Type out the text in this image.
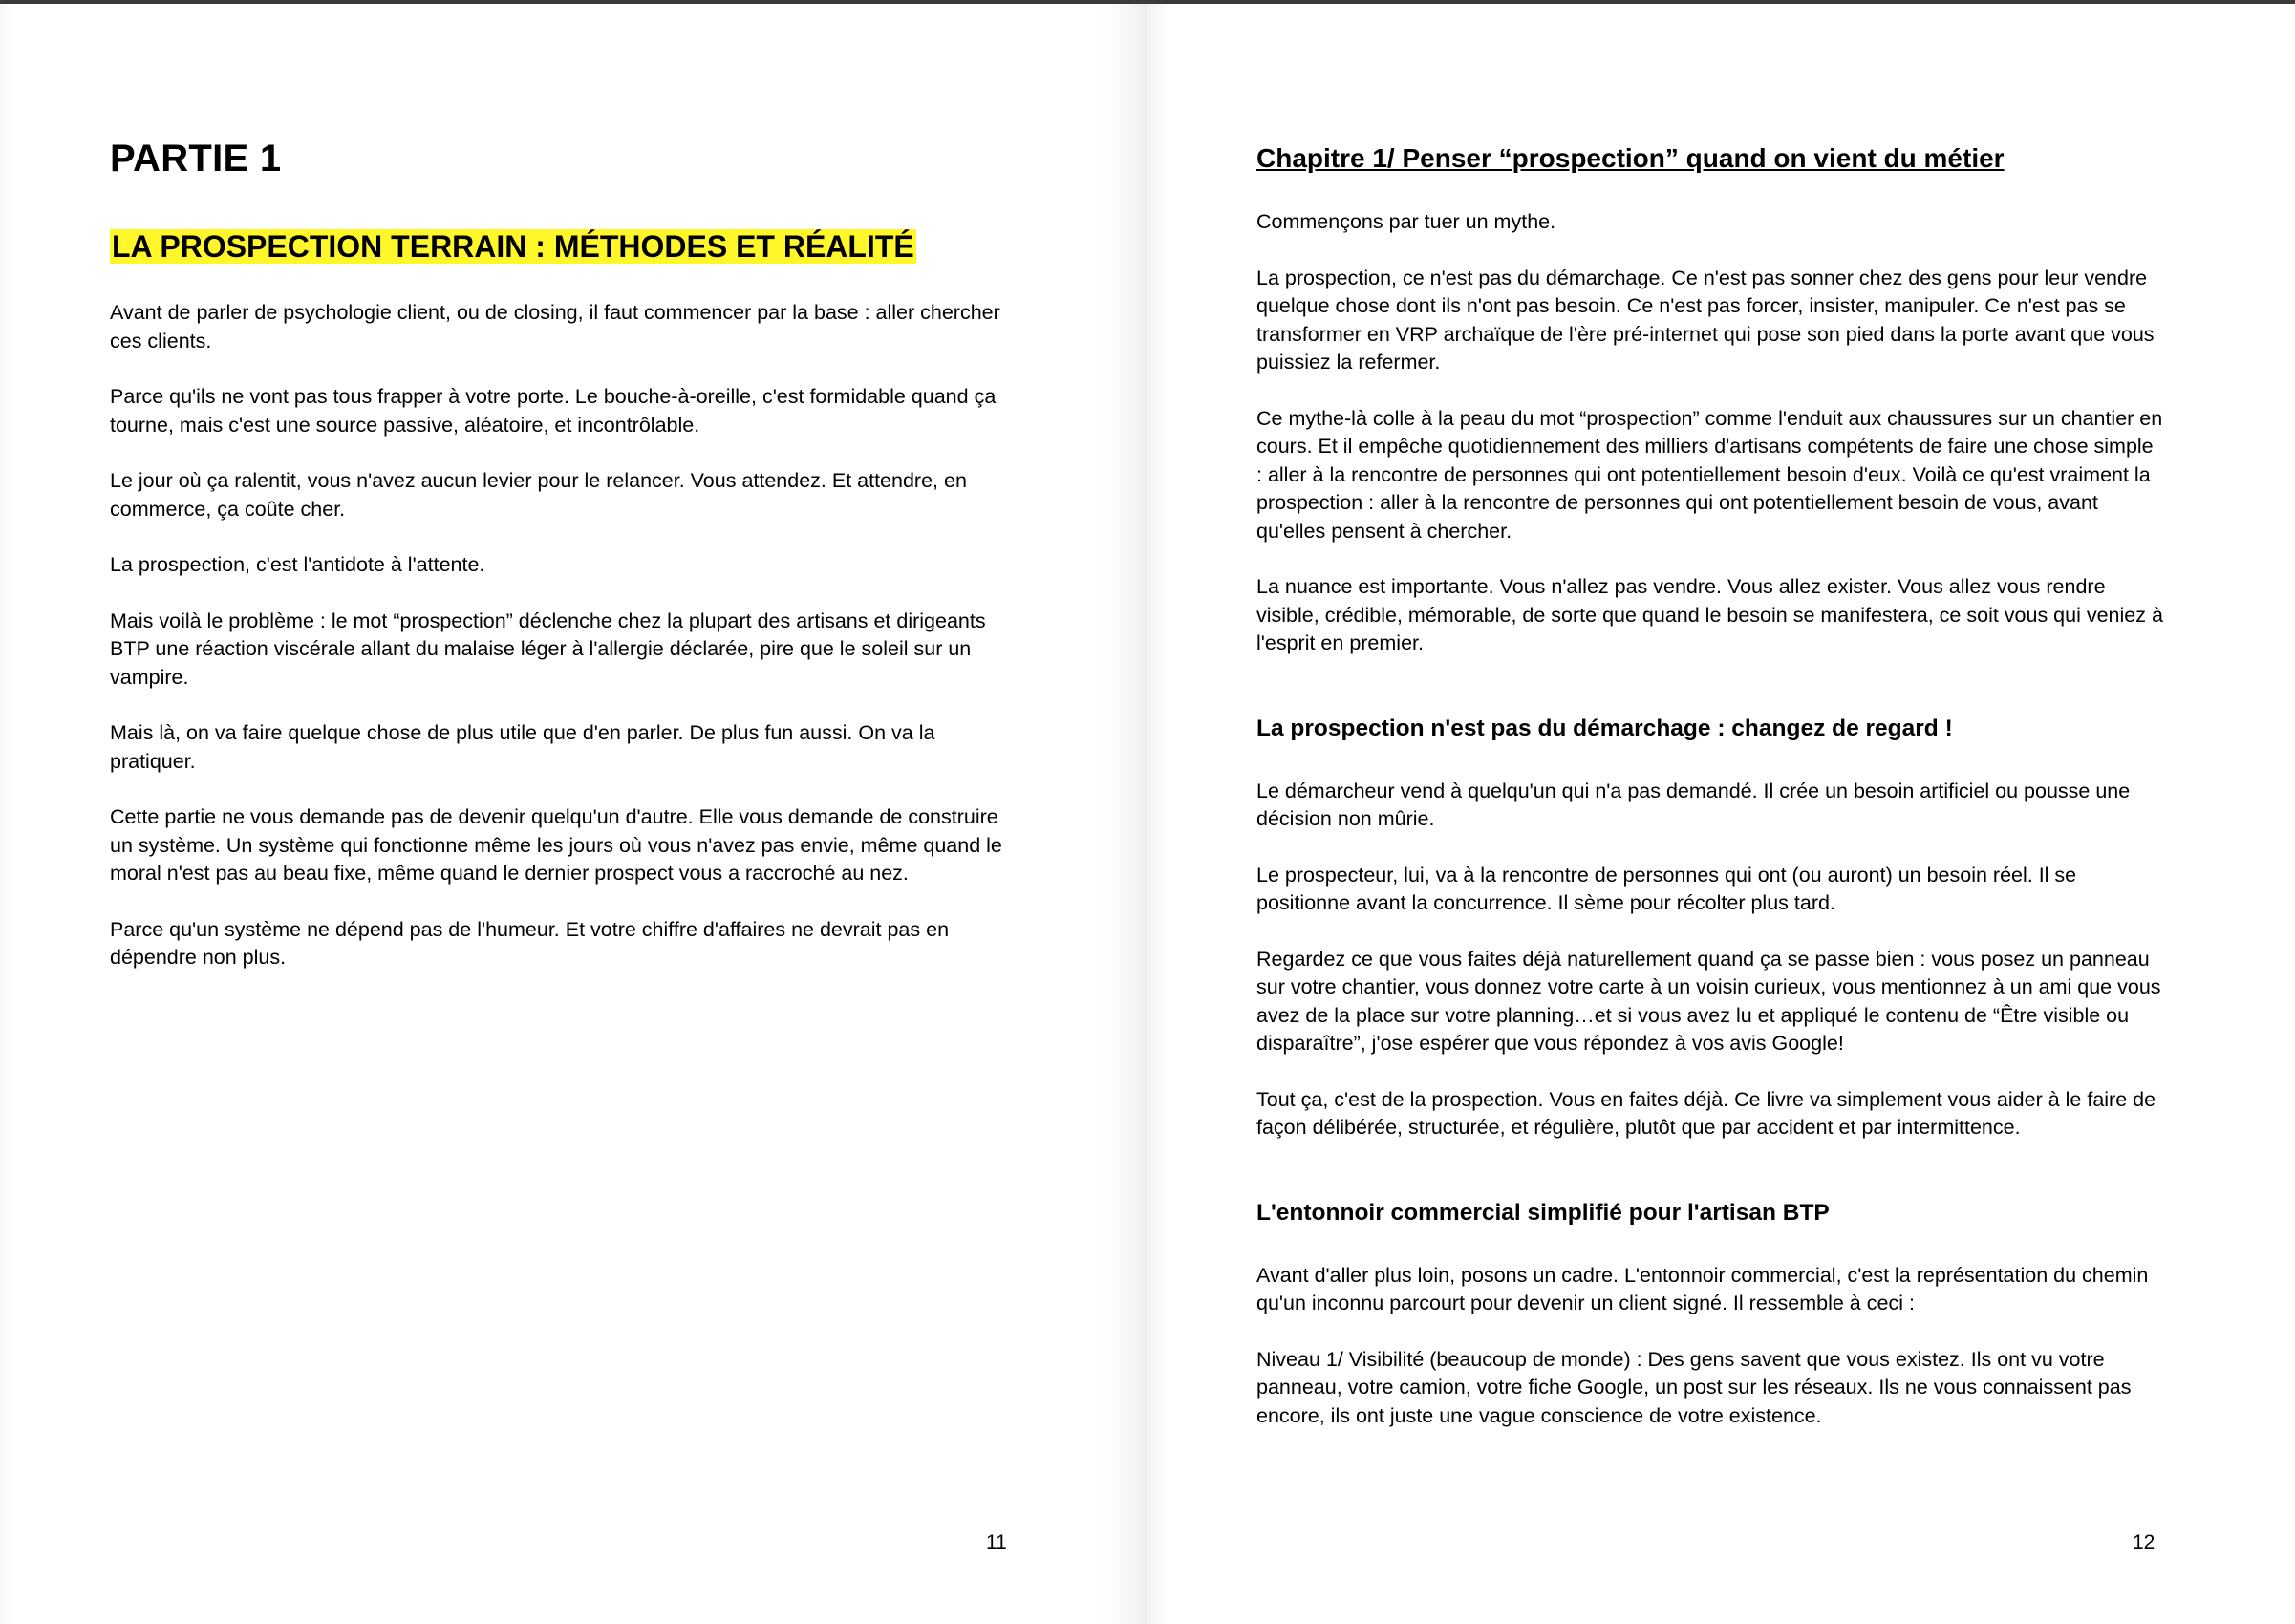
PARTIE 1
LA PROSPECTION TERRAIN : MÉTHODES ET RÉALITÉ

Avant de parler de psychologie client, ou de closing, il faut commencer par la base : aller chercher ces clients.

Parce qu'ils ne vont pas tous frapper à votre porte. Le bouche-à-oreille, c'est formidable quand ça tourne, mais c'est une source passive, aléatoire, et incontrôlable.

Le jour où ça ralentit, vous n'avez aucun levier pour le relancer. Vous attendez. Et attendre, en commerce, ça coûte cher.

La prospection, c'est l'antidote à l'attente.

Mais voilà le problème : le mot “prospection” déclenche chez la plupart des artisans et dirigeants BTP une réaction viscérale allant du malaise léger à l'allergie déclarée, pire que le soleil sur un vampire.

Mais là, on va faire quelque chose de plus utile que d'en parler. De plus fun aussi. On va la pratiquer.

Cette partie ne vous demande pas de devenir quelqu'un d'autre. Elle vous demande de construire un système. Un système qui fonctionne même les jours où vous n'avez pas envie, même quand le moral n'est pas au beau fixe, même quand le dernier prospect vous a raccroché au nez.

Parce qu'un système ne dépend pas de l'humeur. Et votre chiffre d'affaires ne devrait pas en dépendre non plus.

11
Chapitre 1/ Penser “prospection” quand on vient du métier

Commençons par tuer un mythe.

La prospection, ce n'est pas du démarchage. Ce n'est pas sonner chez des gens pour leur vendre quelque chose dont ils n'ont pas besoin. Ce n'est pas forcer, insister, manipuler. Ce n'est pas se transformer en VRP archaïque de l'ère pré-internet qui pose son pied dans la porte avant que vous puissiez la refermer.

Ce mythe-là colle à la peau du mot “prospection” comme l'enduit aux chaussures sur un chantier en cours. Et il empêche quotidiennement des milliers d'artisans compétents de faire une chose simple : aller à la rencontre de personnes qui ont potentiellement besoin d'eux. Voilà ce qu'est vraiment la prospection : aller à la rencontre de personnes qui ont potentiellement besoin de vous, avant qu'elles pensent à chercher.

La nuance est importante. Vous n'allez pas vendre. Vous allez exister. Vous allez vous rendre visible, crédible, mémorable, de sorte que quand le besoin se manifestera, ce soit vous qui veniez à l'esprit en premier.

La prospection n'est pas du démarchage : changez de regard !

Le démarcheur vend à quelqu'un qui n'a pas demandé. Il crée un besoin artificiel ou pousse une décision non mûrie.

Le prospecteur, lui, va à la rencontre de personnes qui ont (ou auront) un besoin réel. Il se positionne avant la concurrence. Il sème pour récolter plus tard.

Regardez ce que vous faites déjà naturellement quand ça se passe bien : vous posez un panneau sur votre chantier, vous donnez votre carte à un voisin curieux, vous mentionnez à un ami que vous avez de la place sur votre planning…et si vous avez lu et appliqué le contenu de “Être visible ou disparaître”, j'ose espérer que vous répondez à vos avis Google!

Tout ça, c'est de la prospection. Vous en faites déjà. Ce livre va simplement vous aider à le faire de façon délibérée, structurée, et régulière, plutôt que par accident et par intermittence.

L'entonnoir commercial simplifié pour l'artisan BTP

Avant d'aller plus loin, posons un cadre. L'entonnoir commercial, c'est la représentation du chemin qu'un inconnu parcourt pour devenir un client signé. Il ressemble à ceci :

Niveau 1/ Visibilité (beaucoup de monde) : Des gens savent que vous existez. Ils ont vu votre panneau, votre camion, votre fiche Google, un post sur les réseaux. Ils ne vous connaissent pas encore, ils ont juste une vague conscience de votre existence.

12
